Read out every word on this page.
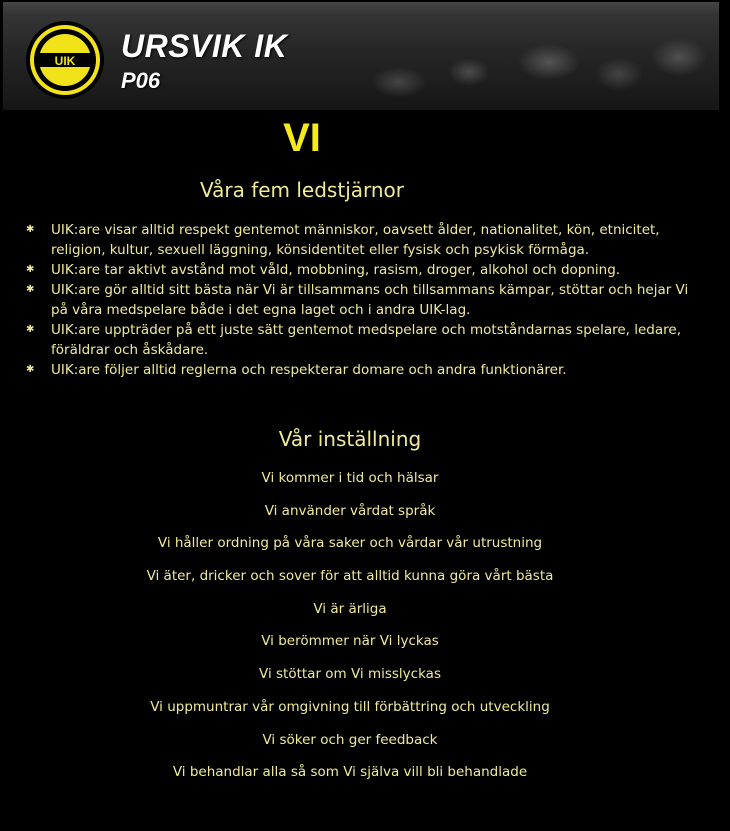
UIK URSVIK IK
P06
VI
Våra fem ledstjärnor
✱ UIK:are visar alltid respekt gentemot människor, oavsett ålder, nationalitet, kön, etnicitet, religion, kultur, sexuell läggning, könsidentitet eller fysisk och psykisk förmåga.
✱ UIK:are tar aktivt avstånd mot våld, mobbning, rasism, droger, alkohol och dopning.
✱ UIK:are gör alltid sitt bästa när Vi är tillsammans och tillsammans kämpar, stöttar och hejar Vi på våra medspelare både i det egna laget och i andra UIK-lag.
✱ UIK:are uppträder på ett juste sätt gentemot medspelare och motståndarnas spelare, ledare, föräldrar och åskådare.
✱ UIK:are följer alltid reglerna och respekterar domare och andra funktionärer.
Vår inställning
Vi kommer i tid och hälsar
Vi använder vårdat språk
Vi håller ordning på våra saker och vårdar vår utrustning
Vi äter, dricker och sover för att alltid kunna göra vårt bästa
Vi är ärliga
Vi berömmer när Vi lyckas
Vi stöttar om Vi misslyckas
Vi uppmuntrar vår omgivning till förbättring och utveckling
Vi söker och ger feedback
Vi behandlar alla så som Vi själva vill bli behandlade
